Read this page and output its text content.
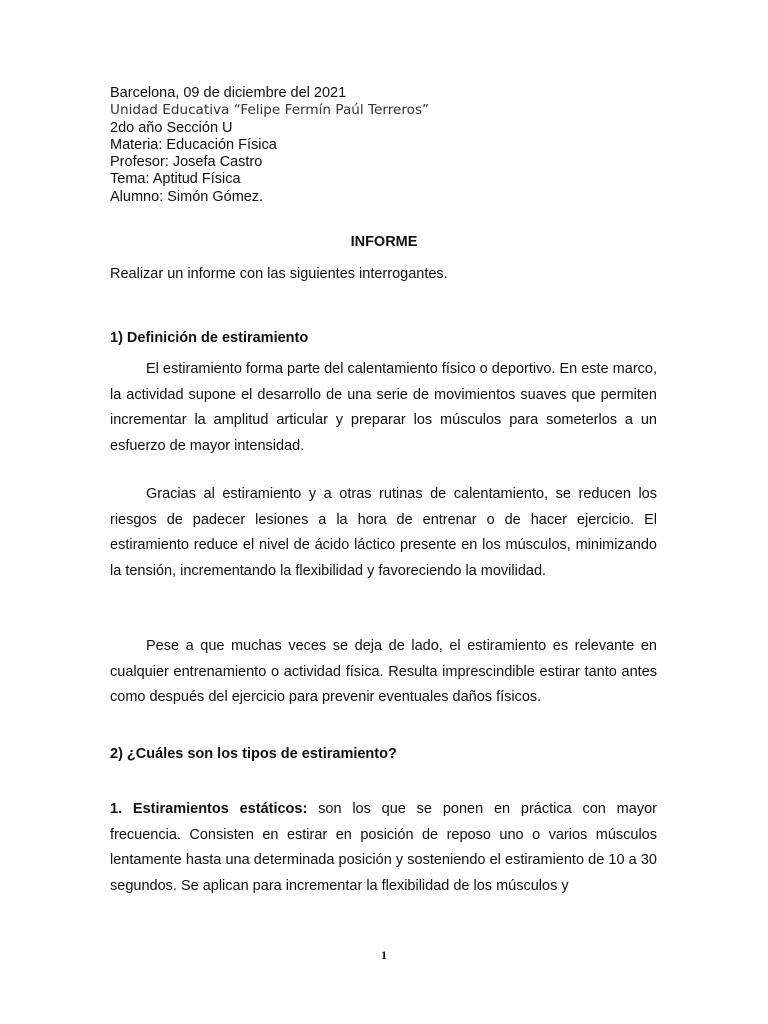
Barcelona, 09 de diciembre del 2021
Unidad Educativa “Felipe Fermín Paúl Terreros”
2do año Sección U
Materia: Educación Física
Profesor: Josefa Castro
Tema: Aptitud Física
Alumno: Simón Gómez.
INFORME
Realizar un informe con las siguientes interrogantes.
1) Definición de estiramiento

El estiramiento forma parte del calentamiento físico o deportivo. En este marco, la actividad supone el desarrollo de una serie de movimientos suaves que permiten incrementar la amplitud articular y preparar los músculos para someterlos a un esfuerzo de mayor intensidad.

Gracias al estiramiento y a otras rutinas de calentamiento, se reducen los riesgos de padecer lesiones a la hora de entrenar o de hacer ejercicio. El estiramiento reduce el nivel de ácido láctico presente en los músculos, minimizando la tensión, incrementando la flexibilidad y favoreciendo la movilidad.

Pese a que muchas veces se deja de lado, el estiramiento es relevante en cualquier entrenamiento o actividad física. Resulta imprescindible estirar tanto antes como después del ejercicio para prevenir eventuales daños físicos.

2) ¿Cuáles son los tipos de estiramiento?

1. Estiramientos estáticos: son los que se ponen en práctica con mayor frecuencia. Consisten en estirar en posición de reposo uno o varios músculos lentamente hasta una determinada posición y sosteniendo el estiramiento de 10 a 30 segundos. Se aplican para incrementar la flexibilidad de los músculos y

1
